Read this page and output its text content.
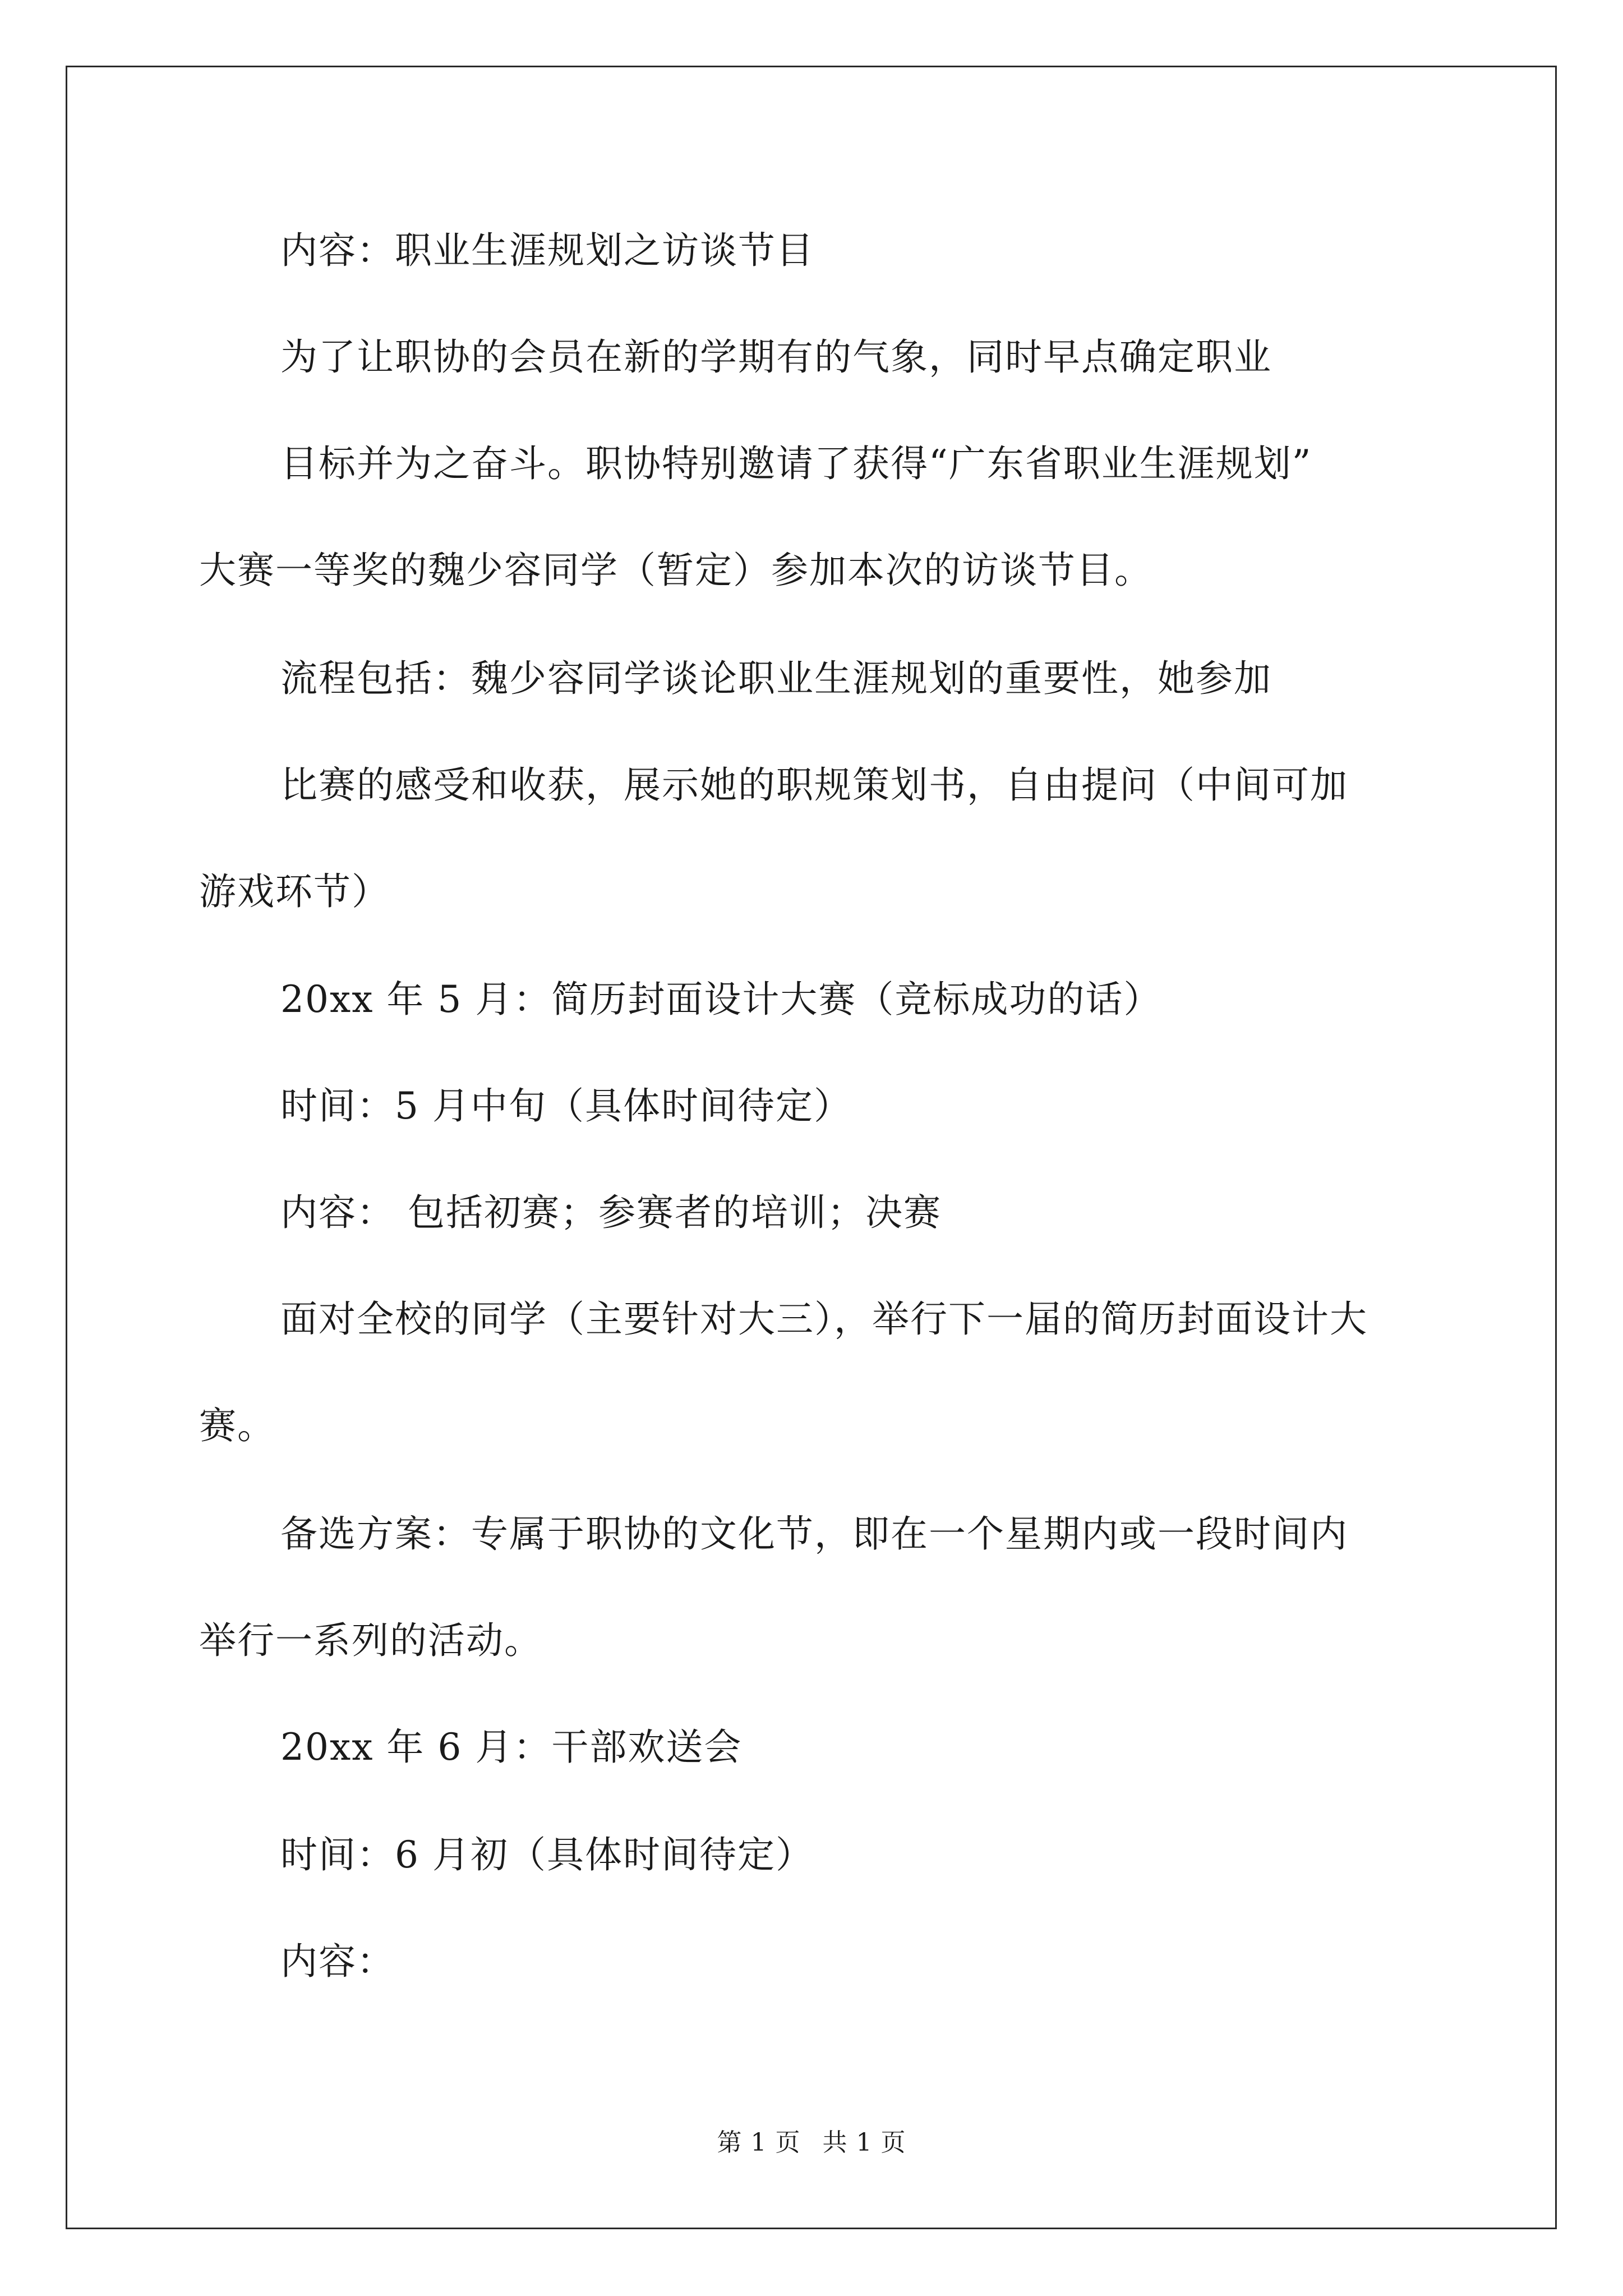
内容：职业生涯规划之访谈节目
为了让职协的会员在新的学期有的气象，同时早点确定职业
目标并为之奋斗。职协特别邀请了获得“广东省职业生涯规划”
大赛一等奖的魏少容同学（暂定）参加本次的访谈节目。
流程包括：魏少容同学谈论职业生涯规划的重要性，她参加
比赛的感受和收获，展示她的职规策划书，自由提问（中间可加
游戏环节）
20xx 年 5 月：简历封面设计大赛（竞标成功的话）
时间：5 月中旬（具体时间待定）
内容： 包括初赛；参赛者的培训；决赛
面对全校的同学（主要针对大三），举行下一届的简历封面设计大
赛。
备选方案：专属于职协的文化节，即在一个星期内或一段时间内
举行一系列的活动。
20xx 年 6 月：干部欢送会
时间：6 月初（具体时间待定）
内容：
第 1 页 共 1 页
